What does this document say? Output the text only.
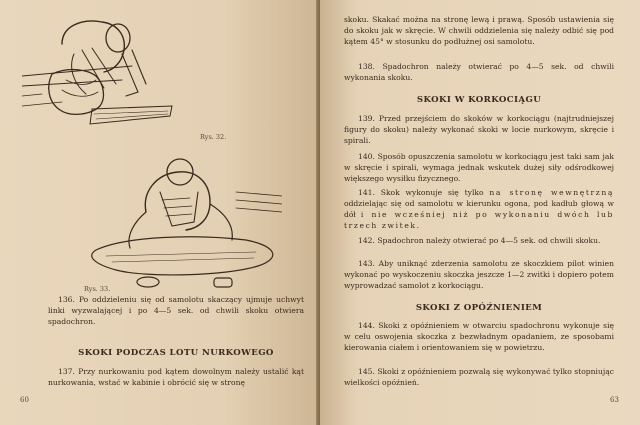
Rys. 32.
Rys. 33.
136. Po oddzieleniu się od samolotu skaczący ujmuje uchwyt linki wyzwalającej i po 4—5 sek. od chwili skoku otwiera spadochron.
SKOKI PODCZAS LOTU NURKOWEGO
137. Przy nurkowaniu pod kątem dowolnym należy ustalić kąt nurkowania, wstać w kabinie i obrócić się w stronę
60
skoku. Skakać można na stronę lewą i prawą. Sposób ustawienia się do skoku jak w skręcie. W chwili oddzielenia się należy odbić się pod kątem 45° w stosunku do podłużnej osi samolotu.
138. Spadochron należy otwierać po 4—5 sek. od chwili wykonania skoku.
SKOKI W KORKOCIĄGU
139. Przed przejściem do skoków w korkociągu (najtrudniejszej figury do skoku) należy wykonać skoki w locie nurkowym, skręcie i spirali.
140. Sposób opuszczenia samolotu w korkociągu jest taki sam jak w skręcie i spirali, wymaga jednak wskutek dużej siły odśrodkowej większego wysiłku fizycznego.
141. Skok wykonuje się tylko na stronę wewnętrzną oddzielając się od samolotu w kierunku ogona, pod kadłub głową w dół i nie wcześniej niż po wykonaniu dwóch lub trzech zwitek.
142. Spadochron należy otwierać po 4—5 sek. od chwili skoku.
143. Aby uniknąć zderzenia samolotu ze skoczkiem pilot winien wykonać po wyskoczeniu skoczka jeszcze 1—2 zwitki i dopiero potem wyprowadzać samolot z korkociągu.
SKOKI Z OPÓŹNIENIEM
144. Skoki z opóźnieniem w otwarciu spadochronu wykonuje się w celu oswojenia skoczka z bezwładnym opadaniem, ze sposobami kierowania ciałem i orientowaniem się w powietrzu.
145. Skoki z opóźnieniem pozwalą się wykonywać tylko stopniując wielkości opóźnień.
63
